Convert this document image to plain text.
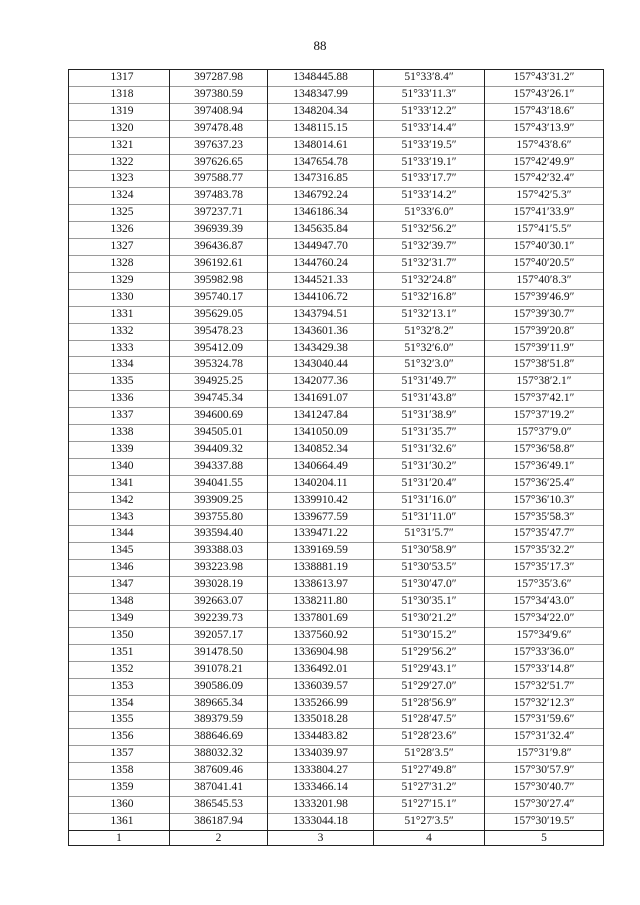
88
1317	397287.98	1348445.88	51°33′8.4″	157°43′31.2″
1318	397380.59	1348347.99	51°33′11.3″	157°43′26.1″
1319	397408.94	1348204.34	51°33′12.2″	157°43′18.6″
1320	397478.48	1348115.15	51°33′14.4″	157°43′13.9″
1321	397637.23	1348014.61	51°33′19.5″	157°43′8.6″
1322	397626.65	1347654.78	51°33′19.1″	157°42′49.9″
1323	397588.77	1347316.85	51°33′17.7″	157°42′32.4″
1324	397483.78	1346792.24	51°33′14.2″	157°42′5.3″
1325	397237.71	1346186.34	51°33′6.0″	157°41′33.9″
1326	396939.39	1345635.84	51°32′56.2″	157°41′5.5″
1327	396436.87	1344947.70	51°32′39.7″	157°40′30.1″
1328	396192.61	1344760.24	51°32′31.7″	157°40′20.5″
1329	395982.98	1344521.33	51°32′24.8″	157°40′8.3″
1330	395740.17	1344106.72	51°32′16.8″	157°39′46.9″
1331	395629.05	1343794.51	51°32′13.1″	157°39′30.7″
1332	395478.23	1343601.36	51°32′8.2″	157°39′20.8″
1333	395412.09	1343429.38	51°32′6.0″	157°39′11.9″
1334	395324.78	1343040.44	51°32′3.0″	157°38′51.8″
1335	394925.25	1342077.36	51°31′49.7″	157°38′2.1″
1336	394745.34	1341691.07	51°31′43.8″	157°37′42.1″
1337	394600.69	1341247.84	51°31′38.9″	157°37′19.2″
1338	394505.01	1341050.09	51°31′35.7″	157°37′9.0″
1339	394409.32	1340852.34	51°31′32.6″	157°36′58.8″
1340	394337.88	1340664.49	51°31′30.2″	157°36′49.1″
1341	394041.55	1340204.11	51°31′20.4″	157°36′25.4″
1342	393909.25	1339910.42	51°31′16.0″	157°36′10.3″
1343	393755.80	1339677.59	51°31′11.0″	157°35′58.3″
1344	393594.40	1339471.22	51°31′5.7″	157°35′47.7″
1345	393388.03	1339169.59	51°30′58.9″	157°35′32.2″
1346	393223.98	1338881.19	51°30′53.5″	157°35′17.3″
1347	393028.19	1338613.97	51°30′47.0″	157°35′3.6″
1348	392663.07	1338211.80	51°30′35.1″	157°34′43.0″
1349	392239.73	1337801.69	51°30′21.2″	157°34′22.0″
1350	392057.17	1337560.92	51°30′15.2″	157°34′9.6″
1351	391478.50	1336904.98	51°29′56.2″	157°33′36.0″
1352	391078.21	1336492.01	51°29′43.1″	157°33′14.8″
1353	390586.09	1336039.57	51°29′27.0″	157°32′51.7″
1354	389665.34	1335266.99	51°28′56.9″	157°32′12.3″
1355	389379.59	1335018.28	51°28′47.5″	157°31′59.6″
1356	388646.69	1334483.82	51°28′23.6″	157°31′32.4″
1357	388032.32	1334039.97	51°28′3.5″	157°31′9.8″
1358	387609.46	1333804.27	51°27′49.8″	157°30′57.9″
1359	387041.41	1333466.14	51°27′31.2″	157°30′40.7″
1360	386545.53	1333201.98	51°27′15.1″	157°30′27.4″
1361	386187.94	1333044.18	51°27′3.5″	157°30′19.5″
1	2	3	4	5
